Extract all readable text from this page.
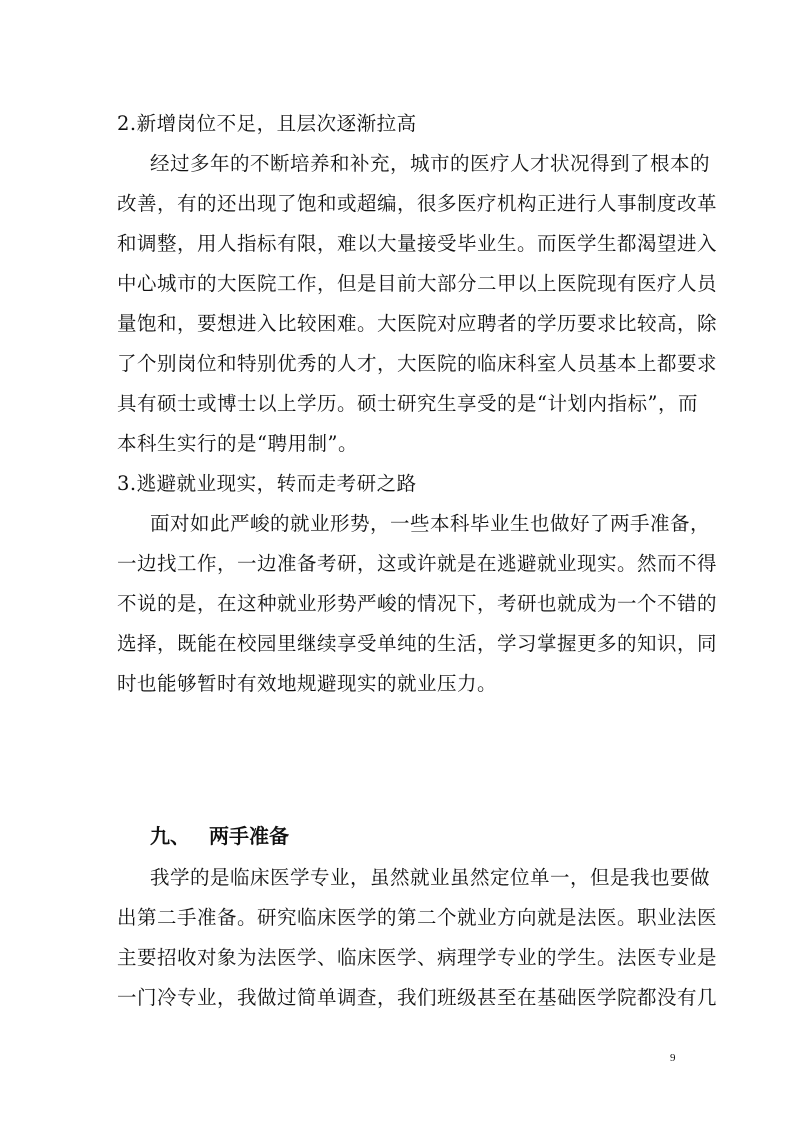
2.新增岗位不足，且层次逐渐拉高
经过多年的不断培养和补充，城市的医疗人才状况得到了根本的
改善，有的还出现了饱和或超编，很多医疗机构正进行人事制度改革
和调整，用人指标有限，难以大量接受毕业生。而医学生都渴望进入
中心城市的大医院工作，但是目前大部分二甲以上医院现有医疗人员
量饱和，要想进入比较困难。大医院对应聘者的学历要求比较高，除
了个别岗位和特别优秀的人才，大医院的临床科室人员基本上都要求
具有硕士或博士以上学历。硕士研究生享受的是“计划内指标”，而
本科生实行的是“聘用制”。
3.逃避就业现实，转而走考研之路
面对如此严峻的就业形势，一些本科毕业生也做好了两手准备，
一边找工作，一边准备考研，这或许就是在逃避就业现实。然而不得
不说的是，在这种就业形势严峻的情况下，考研也就成为一个不错的
选择，既能在校园里继续享受单纯的生活，学习掌握更多的知识，同
时也能够暂时有效地规避现实的就业压力。
九、 两手准备
我学的是临床医学专业，虽然就业虽然定位单一，但是我也要做
出第二手准备。研究临床医学的第二个就业方向就是法医。职业法医
主要招收对象为法医学、临床医学、病理学专业的学生。法医专业是
一门冷专业，我做过简单调查，我们班级甚至在基础医学院都没有几
9
